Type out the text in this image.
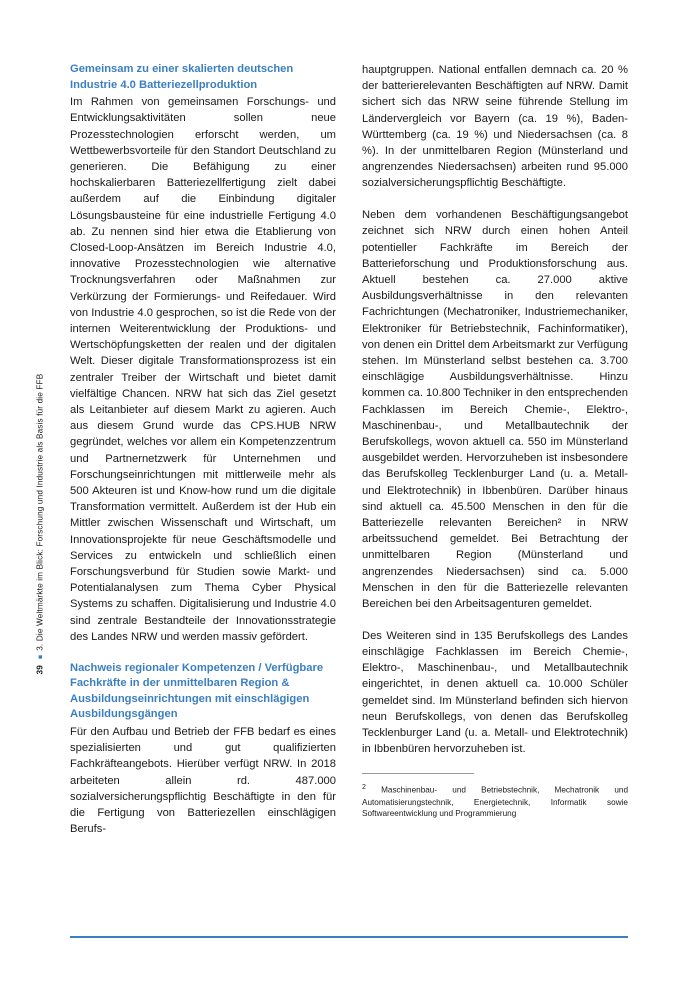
39■3. Die Weltmärkte im Blick: Forschung und Industrie als Basis für die FFB
Gemeinsam zu einer skalierten deutschen Industrie 4.0 Batteriezellproduktion

Im Rahmen von gemeinsamen Forschungs- und Entwicklungsaktivitäten sollen neue Prozesstechnologien erforscht werden, um Wettbewerbsvorteile für den Standort Deutschland zu generieren. Die Befähigung zu einer hochskalierbaren Batteriezellfertigung zielt dabei außerdem auf die Einbindung digitaler Lösungsbausteine für eine industrielle Fertigung 4.0 ab. Zu nennen sind hier etwa die Etablierung von Closed-Loop-Ansätzen im Bereich Industrie 4.0, innovative Prozesstechnologien wie alternative Trocknungsverfahren oder Maßnahmen zur Verkürzung der Formierungs- und Reifedauer. Wird von Industrie 4.0 gesprochen, so ist die Rede von der internen Weiterentwicklung der Produktions- und Wertschöpfungsketten der realen und der digitalen Welt. Dieser digitale Transformationsprozess ist ein zentraler Treiber der Wirtschaft und bietet damit vielfältige Chancen. NRW hat sich das Ziel gesetzt als Leitanbieter auf diesem Markt zu agieren. Auch aus diesem Grund wurde das CPS.HUB NRW gegründet, welches vor allem ein Kompetenzzentrum und Partnernetzwerk für Unternehmen und Forschungseinrichtungen mit mittlerweile mehr als 500 Akteuren ist und Know-how rund um die digitale Transformation vermittelt. Außerdem ist der Hub ein Mittler zwischen Wissenschaft und Wirtschaft, um Innovationsprojekte für neue Geschäftsmodelle und Services zu entwickeln und schließlich einen Forschungsverbund für Studien sowie Markt- und Potentialanalysen zum Thema Cyber Physical Systems zu schaffen. Digitalisierung und Industrie 4.0 sind zentrale Bestandteile der Innovationsstrategie des Landes NRW und werden massiv gefördert.

Nachweis regionaler Kompetenzen / Verfügbare Fachkräfte in der unmittelbaren Region & Ausbildungseinrichtungen mit einschlägigen Ausbildungsgängen

Für den Aufbau und Betrieb der FFB bedarf es eines spezialisierten und gut qualifizierten Fachkräfteangebots. Hierüber verfügt NRW. In 2018 arbeiteten allein rd. 487.000 sozialversicherungspflichtig Beschäftigte in den für die Fertigung von Batteriezellen einschlägigen Berufs-

hauptgruppen. National entfallen demnach ca. 20 % der batterierelevanten Beschäftigten auf NRW. Damit sichert sich das NRW seine führende Stellung im Ländervergleich vor Bayern (ca. 19 %), Baden-Württemberg (ca. 19 %) und Niedersachsen (ca. 8 %). In der unmittelbaren Region (Münsterland und angrenzendes Niedersachsen) arbeiten rund 95.000 sozialversicherungspflichtig Beschäftigte.

Neben dem vorhandenen Beschäftigungsangebot zeichnet sich NRW durch einen hohen Anteil potentieller Fachkräfte im Bereich der Batterieforschung und Produktionsforschung aus. Aktuell bestehen ca. 27.000 aktive Ausbildungsverhältnisse in den relevanten Fachrichtungen (Mechatroniker, Industriemechaniker, Elektroniker für Betriebstechnik, Fachinformatiker), von denen ein Drittel dem Arbeitsmarkt zur Verfügung stehen. Im Münsterland selbst bestehen ca. 3.700 einschlägige Ausbildungsverhältnisse. Hinzu kommen ca. 10.800 Techniker in den entsprechenden Fachklassen im Bereich Chemie-, Elektro-, Maschinenbau-, und Metallbautechnik der Berufskollegs, wovon aktuell ca. 550 im Münsterland ausgebildet werden. Hervorzuheben ist insbesondere das Berufskolleg Tecklenburger Land (u. a. Metall- und Elektrotechnik) in Ibbenbüren. Darüber hinaus sind aktuell ca. 45.500 Menschen in den für die Batteriezelle relevanten Bereichen² in NRW arbeitssuchend gemeldet. Bei Betrachtung der unmittelbaren Region (Münsterland und angrenzendes Niedersachsen) sind ca. 5.000 Menschen in den für die Batteriezelle relevanten Bereichen bei den Arbeitsagenturen gemeldet.

Des Weiteren sind in 135 Berufskollegs des Landes einschlägige Fachklassen im Bereich Chemie-, Elektro-, Maschinenbau-, und Metallbautechnik eingerichtet, in denen aktuell ca. 10.000 Schüler gemeldet sind. Im Münsterland befinden sich hiervon neun Berufskollegs, von denen das Berufskolleg Tecklenburger Land (u. a. Metall- und Elektrotechnik) in Ibbenbüren hervorzuheben ist.

$^2$ Maschinenbau- und Betriebstechnik, Mechatronik und Automatisierungstechnik, Energietechnik, Informatik sowie Softwareentwicklung und Programmierung
